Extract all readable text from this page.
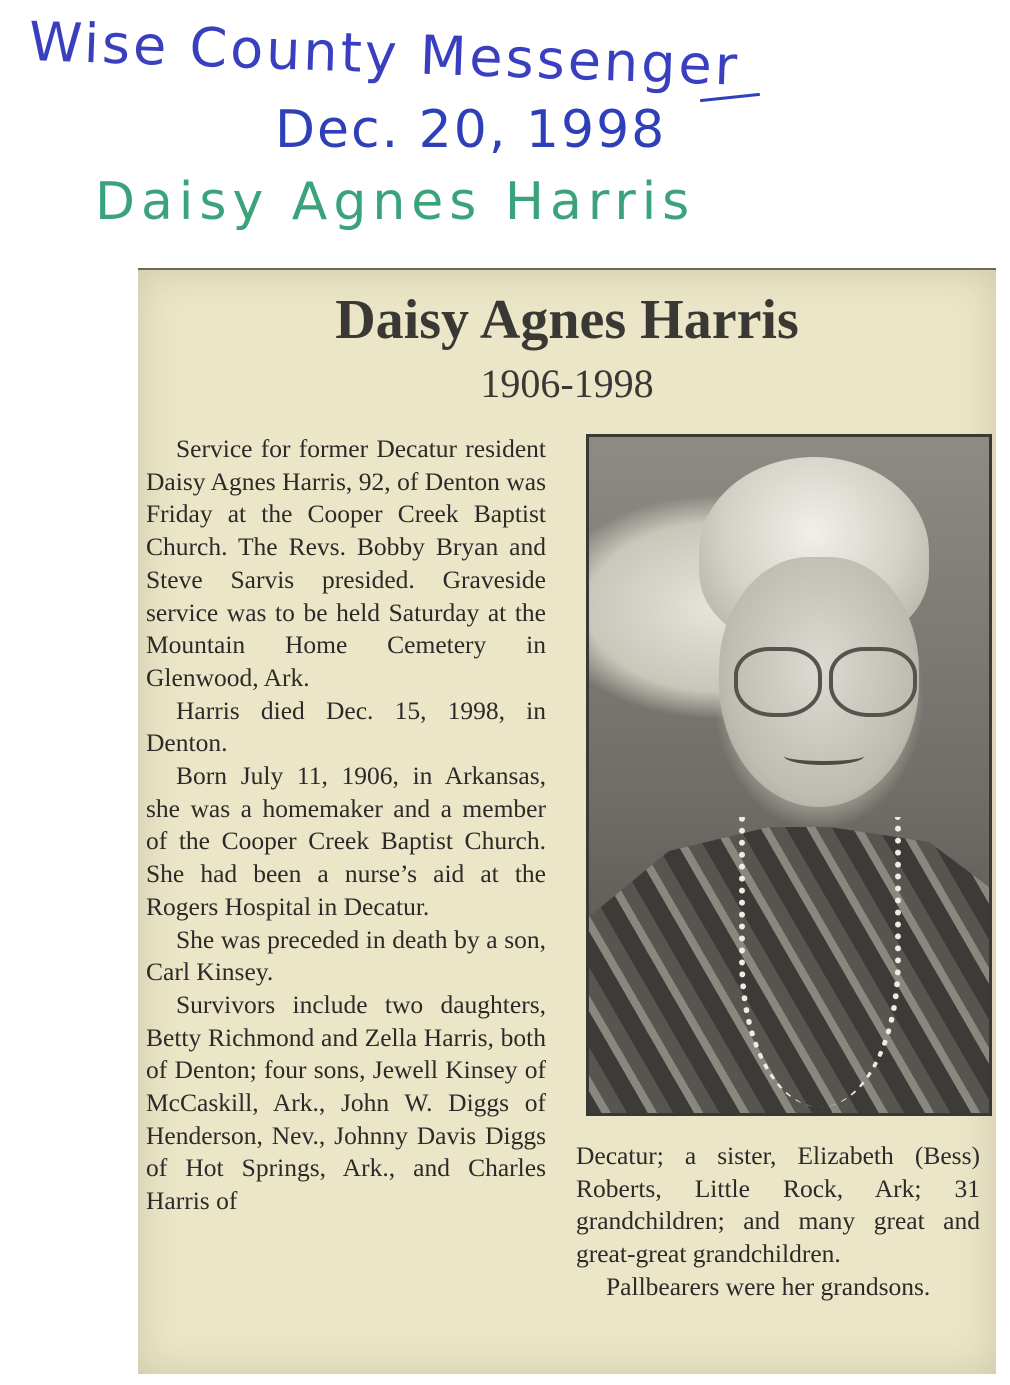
Wise County Messenger
Dec. 20, 1998
Daisy Agnes Harris
Daisy Agnes Harris
1906-1998

Service for former Decatur resident Daisy Agnes Harris, 92, of Denton was Friday at the Cooper Creek Baptist Church. The Revs. Bobby Bryan and Steve Sarvis presided. Graveside service was to be held Saturday at the Mountain Home Cemetery in Glenwood, Ark.

Harris died Dec. 15, 1998, in Denton.

Born July 11, 1906, in Arkansas, she was a homemaker and a member of the Cooper Creek Baptist Church. She had been a nurse’s aid at the Rogers Hospital in Decatur.

She was preceded in death by a son, Carl Kinsey.

Survivors include two daughters, Betty Richmond and Zella Harris, both of Denton; four sons, Jewell Kinsey of McCaskill, Ark., John W. Diggs of Henderson, Nev., Johnny Davis Diggs of Hot Springs, Ark., and Charles Harris of

Decatur; a sister, Elizabeth (Bess) Roberts, Little Rock, Ark; 31 grandchildren; and many great and great-great grandchildren.

Pallbearers were her grandsons.
